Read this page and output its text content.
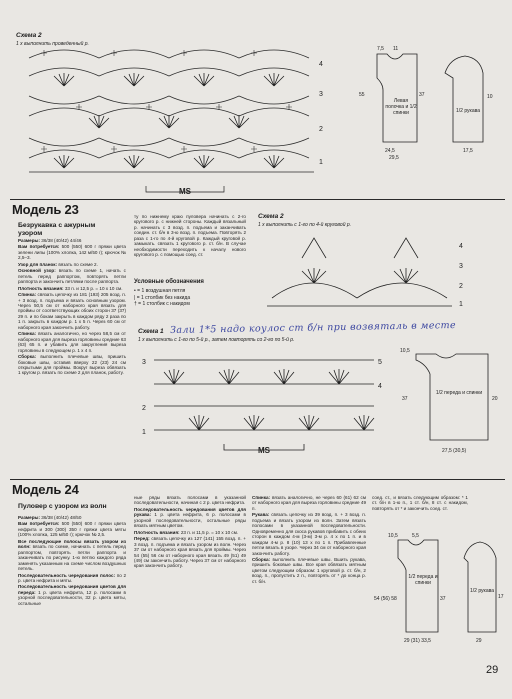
Схема 2
1 х выполнить проведенный р.
MS
4
3
2
1
7,5 11
55	37
24,5
29,5
17,5
10
Левая полочка и 1/2 спинки	1/2 рукава
Модель 23
Безрукавка с ажурным узором

Размеры: 36/38 (40/42) 44/46

Вам потребуется: 500 (550) 600 г пряжи цвета зелени липы (100% хлопка, 142 м/50 г); крючок № 2,5–3.

Узор для планок: вязать по схеме 2.

Основной узор: вязать по схеме 1, начать с петель перед раппортом, повторять петли раппорта и закончить петлями после раппорта.

Плотность вязания: 33 п. и 12,5 р. = 10 х 10 см.

Спинка: связать цепочку из 181 (193) 205 возд. п. + 3 возд. п. подъема и вязать основным узором. Через 50,5 см от наборного края вязать для проймы от соответствующих обоих сторон 37 (37) 29 п. и по бокам закрыть в каждом ряду 2 раза по 1 п. закрыть в каждом р. 1 х 5 п. Через 60 см от наборного края закончить работу.

Спинка: вязать аналогично, но через 58,5 см от наборного края для выреза горловины средние 63 (63) 65 п. и убавить для закругления выреза горловины в следующем р. 1 х 4 п.

Сборка: выполнить плечевые швы, пришить боковые швы, оставив вверху 22 (23) 24 см открытыми для проймы. Вокруг выреза обвязать 1 кругом р. вязать по схеме 2 для планок, работу.

ту по нижнему краю пуловера начинать с 2-го кругового р. с нижней стороны. Каждый вязальный р. начинать с 3 возд. п. подъема и заканчивать соедин. ст. б/н в 3-ю возд. п. подъема. Повторять 2 раза с 1-го по 4-й круговой р. Каждый круговой р. замыкать. связать 1 кругового р. ст. б/н. В случае необходимости переходить к началу нового кругового р. с помощью соед. ст.

Условные обозначения
• = 1 воздушная петля
| = 1 столбик без накида
† = 1 столбик с накидом
Схема 2
1 х выполнить с 1-го по 4-й круговой р.
4
3
2
1
Схема 1
1 х выполнить с 1-го по 5-й р., затем повторять со 2-го по 5-й р.
Зали 1*5 надо коулос ст б/н при возвяталь в месте
3
2
1
5
4
MS
10,5
37	20
27,5 (30,5)
1/2 переда и спинки
Модель 24
Пуловер с узором из волн

Размеры: 36/38 (40/42) 48/50

Вам потребуется: 500 (550) 600 г пряжи цвета нефрита и 300 (300) 350 г пряжи цвета мяты (100% хлопка, 125 м/50 г); крючок № 2,5.

Все последующие полосы вязать узором из волн: вязать по схеме, начинать с петель перед раппортом, повторять петли раппорта и заканчивать по рисунку. 1-ю петлю каждого ряда заменять указанным на схеме числом воздушных петель.

Последовательность чередования полос: по 2 р. цвета нефрита и мяты.

Последовательность чередования цветов для переда: 1 р. цвета нефрита, 12 р. полосами в узорной последовательности, 32 р. цвета мяты, остальные

ные ряды вязать полосами в указанной последовательности, начиная с 2 р. цвета нефрита.

Последовательность чередования цветов для рукава: 1 р. цвета нефрита, 6 р. полосами в узорной последовательности, остальные ряды вязать мятным цветом.

Плотность вязания: 23 п. и 11,5 р. = 10 х 10 см.

Перед: связать цепочку из 127 (141) 155 возд. п. + 3 возд. п. подъема и вязать узором из волн. Через 37 см от наборного края вязать для проймы. Через 54 (55) 56 см от наборного края вязать 49 (51) 49 (49) см закончить работу. Через 37 см от наборного края закончить работу.

Спинка: вязать аналогично, не через 60 (61) 62 см от наборного края для выреза горловины средние 49 п.

Рукава: связать цепочку из 39 возд. п. + 3 возд. п. подъема и вязать узором из волн. Затем вязать полосами в указанной последовательности. Одновременно для скоса рукавов прибавить с обеих сторон в каждом 4-м (3-м) 3-м р. 4 х по 1 п. и в каждом 4-м р. 8 (10) 13 х по 1 п. Прибавленные петли вязать в узоре. Через 34 см от наборного края закончить работу.

Сборка: выполнить плечевые швы. Вшить рукава, пришить боковые швы. Все края обвязать мятным цветом следующим образом: 1 круговой р. ст. б/н, 2 возд. п., пропустить 2 п., повторять от * до конца р. ст. б/н.

соед. ст., и вязать следующим образом: * 1 ст. б/н в 1-ю п., 1 ст. б/н, 8 ст. с накидом, повторять от * и закончить соед. ст.

10,5	5,5
54 (56) 58	37
29 (31) 33,5	29
17
1/2 переда и спинки
1/2 рукава
29
